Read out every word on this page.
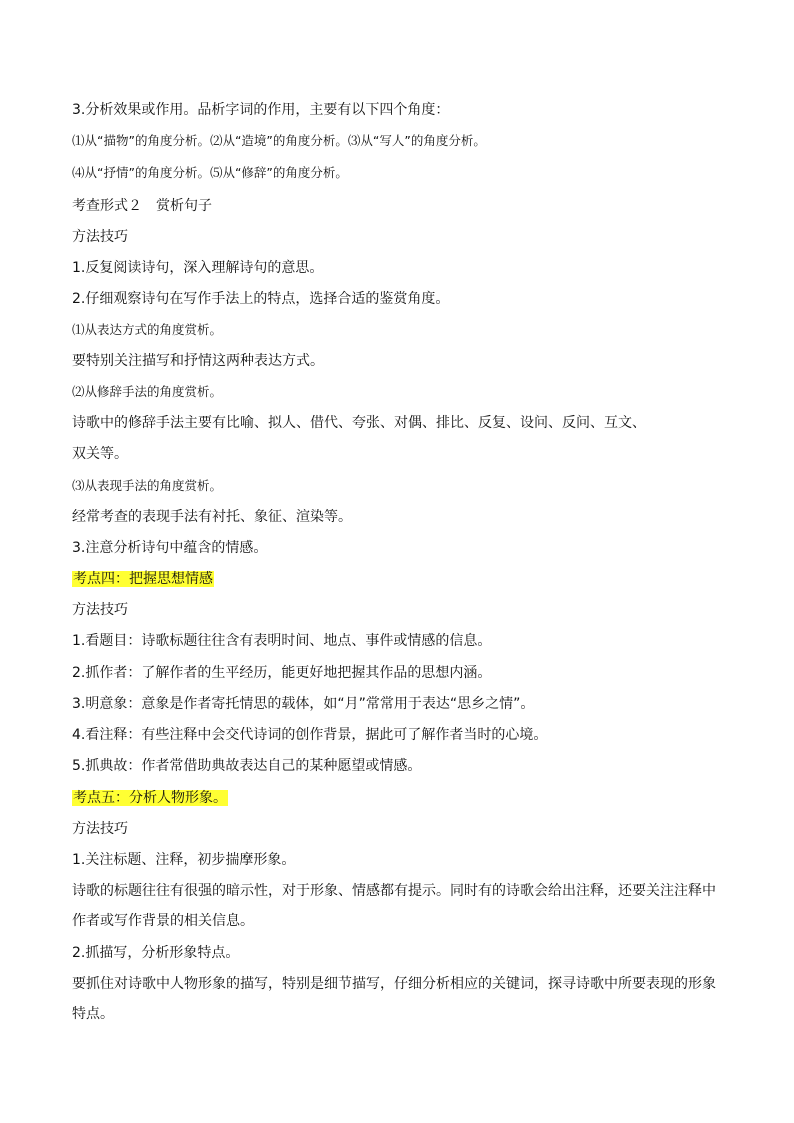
3.分析效果或作用。品析字词的作用，主要有以下四个角度：
⑴从“描物”的角度分析。⑵从“造境”的角度分析。⑶从“写人”的角度分析。
⑷从“抒情”的角度分析。⑸从“修辞”的角度分析。
考查形式２　赏析句子
方法技巧
1.反复阅读诗句，深入理解诗句的意思。
2.仔细观察诗句在写作手法上的特点，选择合适的鉴赏角度。
⑴从表达方式的角度赏析。
要特别关注描写和抒情这两种表达方式。
⑵从修辞手法的角度赏析。
诗歌中的修辞手法主要有比喻、拟人、借代、夸张、对偶、排比、反复、设问、反问、互文、
双关等。
⑶从表现手法的角度赏析。
经常考查的表现手法有衬托、象征、渲染等。
3.注意分析诗句中蕴含的情感。
考点四：把握思想情感
方法技巧
1.看题目：诗歌标题往往含有表明时间、地点、事件或情感的信息。
2.抓作者：了解作者的生平经历，能更好地把握其作品的思想内涵。
3.明意象：意象是作者寄托情思的载体，如“月”常常用于表达“思乡之情”。
4.看注释：有些注释中会交代诗词的创作背景，据此可了解作者当时的心境。
5.抓典故：作者常借助典故表达自己的某种愿望或情感。
考点五：分析人物形象。
方法技巧
1.关注标题、注释，初步揣摩形象。
诗歌的标题往往有很强的暗示性，对于形象、情感都有提示。同时有的诗歌会给出注释，还要关注注释中
作者或写作背景的相关信息。
2.抓描写，分析形象特点。
要抓住对诗歌中人物形象的描写，特别是细节描写，仔细分析相应的关键词，探寻诗歌中所要表现的形象
特点。
